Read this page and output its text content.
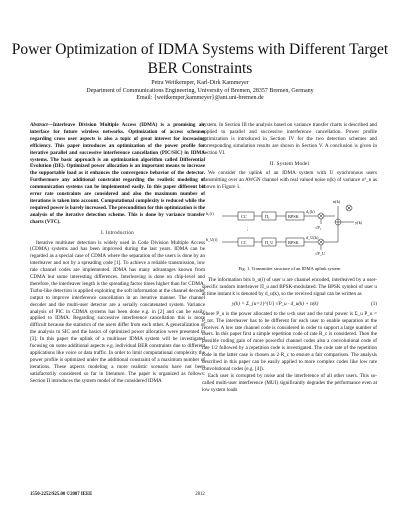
Power Optimization of IDMA Systems with Different Target BER Constraints
Petra Weitkemper, Karl-Dirk Kammeyer
Department of Communications Engineering, University of Bremen, 28357 Bremen, Germany
Email: {weitkemper,kammeyer}@ant.uni-bremen.de
Abstract—Interleave Division Multiple Access (IDMA) is a promising air interface for future wireless networks. Optimization of access schemes regarding cross user aspects is also a topic of great interest for increasing efficiency. This paper introduces an optimization of the power profile for iterative parallel and successive interference cancellation (PIC/SIC) in IDMA systems. The basic approach is an optimization algorithm called Differential Evolution (DE). Optimized power allocation is an important means to increase the supportable load as it enhances the convergence behavior of the detector. Furthermore any additional constraint regarding the realistic modeling of communication systems can be implemented easily. In this paper different bit error rate constraints are considered and also the maximum number of iterations is taken into account. Computational complexity is reduced while the required power is barely increased. The precondition for this optimization is the analysis of the iterative detection scheme. This is done by variance transfer charts (VTC).
I. Introduction

Iterative multiuser detection is widely used in Code Division Multiple Access (CDMA) systems and has been improved during the last years. IDMA can be regarded as a special case of CDMA where the separation of the users is done by an interleaver and not by a spreading code [1]. To achieve a reliable transmission, low rate channel codes are implemented. IDMA has many advantages known from CDMA but some interesting differences. Interleaving is done on chip-level and therefore, the interleaver length is the spreading factor times higher than for CDMA. Turbo-like detection is applied exploiting the soft information at the channel decoder output to improve interference cancellation in an iterative manner. The channel decoder and the multi-user detector are a serially concatenated system. Variance analysis of PIC in CDMA systems has been done e.g. in [2] and can be easily applied to IDMA. Regarding successive interference cancellation this is more difficult because the statistics of the users differ from each other. A generalization of the analysis to SIC and the basics of optimized power allocation were presented in [3]. In this paper the uplink of a multiuser IDMA system will be investigated focusing on some additional aspects e.g. individual BER constraints due to different applications like voice or data traffic. In order to limit computational complexity the power profile is optimized under the additional constraint of a maximum number of iterations. These aspects modeling a more realistic scenario have not been satisfactorily considered so far in literature. The paper is organized as follows: Section II introduces the system model of the considered IDMA

system. In Section III the analysis based on variance transfer charts is described and applied to parallel and successive interference cancellation. Power profile optimization is introduced in Section IV for the two detection schemes and corresponding simulation results are shown in Section V. A conclusion is given in Section VI.

II. System Model

We consider the uplink of an IDMA system with U synchronous users transmitting over an AWGN channel with real valued noise n(k) of variance σ²_n as shown in Figure 1.

b₁(i)
b_U(i)
CC
CC
Π₁
Π_U
BPSK
BPSK
d₁(k)
d_U(k)
√P₁
√P_U
n(k)
y(k)
⋮
Fig. 1. Transmitter structure of an IDMA uplink system

The information bits b_u(i) of user u are channel encoded, interleaved by a user-specific random interleaver Π_u and BPSK-modulated. The BPSK symbol of user u at time instant k is denoted by d_u(k), so the received signal can be written as

y(k) = Σ_{u=1}^{U} √P_u · d_u(k) + n(k)	(1)

where P_u is the power allocated to the u-th user and the total power is Σ_u P_u = P_tot. The interleaver has to be different for each user to enable separation at the receiver. A low rate channel code is considered in order to support a large number of users. In this paper first a simple repetition code of rate R_c is considered. Then the possible coding gain of more powerful channel codes also a convolutional code of rate 1/2 followed by a repetition code is investigated. The code rate of the repetition code in the latter case is chosen as 2·R_c to ensure a fair comparison. The analysis described in this paper can be easily applied to more complex codes like low rate convolutional codes (e.g. [4]).

Each user is corrupted by noise and the interference of all other users. This so-called multi-user interference (MUI) significantly degrades the performance even at low system loads

1550-2252/$25.00 ©2007 IEEE	2812
